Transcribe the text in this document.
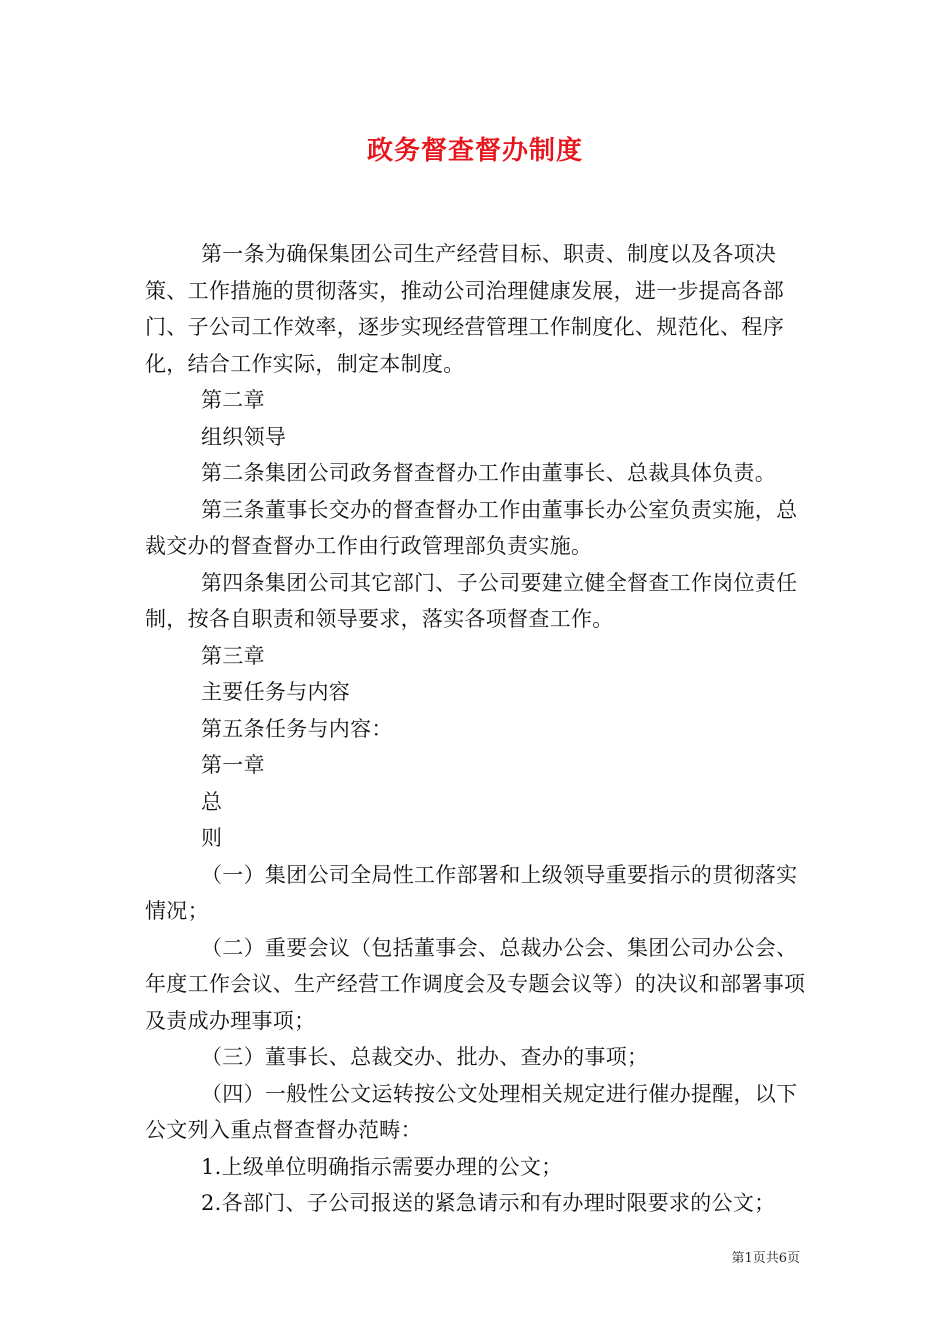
政务督查督办制度

第一条为确保集团公司生产经营目标、职责、制度以及各项决策、工作措施的贯彻落实，推动公司治理健康发展，进一步提高各部门、子公司工作效率，逐步实现经营管理工作制度化、规范化、程序化，结合工作实际，制定本制度。

第二章

组织领导

第二条集团公司政务督查督办工作由董事长、总裁具体负责。

第三条董事长交办的督查督办工作由董事长办公室负责实施，总裁交办的督查督办工作由行政管理部负责实施。

第四条集团公司其它部门、子公司要建立健全督查工作岗位责任制，按各自职责和领导要求，落实各项督查工作。

第三章

主要任务与内容

第五条任务与内容：

第一章

总

则

（一）集团公司全局性工作部署和上级领导重要指示的贯彻落实情况；

（二）重要会议（包括董事会、总裁办公会、集团公司办公会、年度工作会议、生产经营工作调度会及专题会议等）的决议和部署事项及责成办理事项；

（三）董事长、总裁交办、批办、查办的事项；

（四）一般性公文运转按公文处理相关规定进行催办提醒，以下公文列入重点督查督办范畴：

1.上级单位明确指示需要办理的公文；

2.各部门、子公司报送的紧急请示和有办理时限要求的公文；

第1页共6页
